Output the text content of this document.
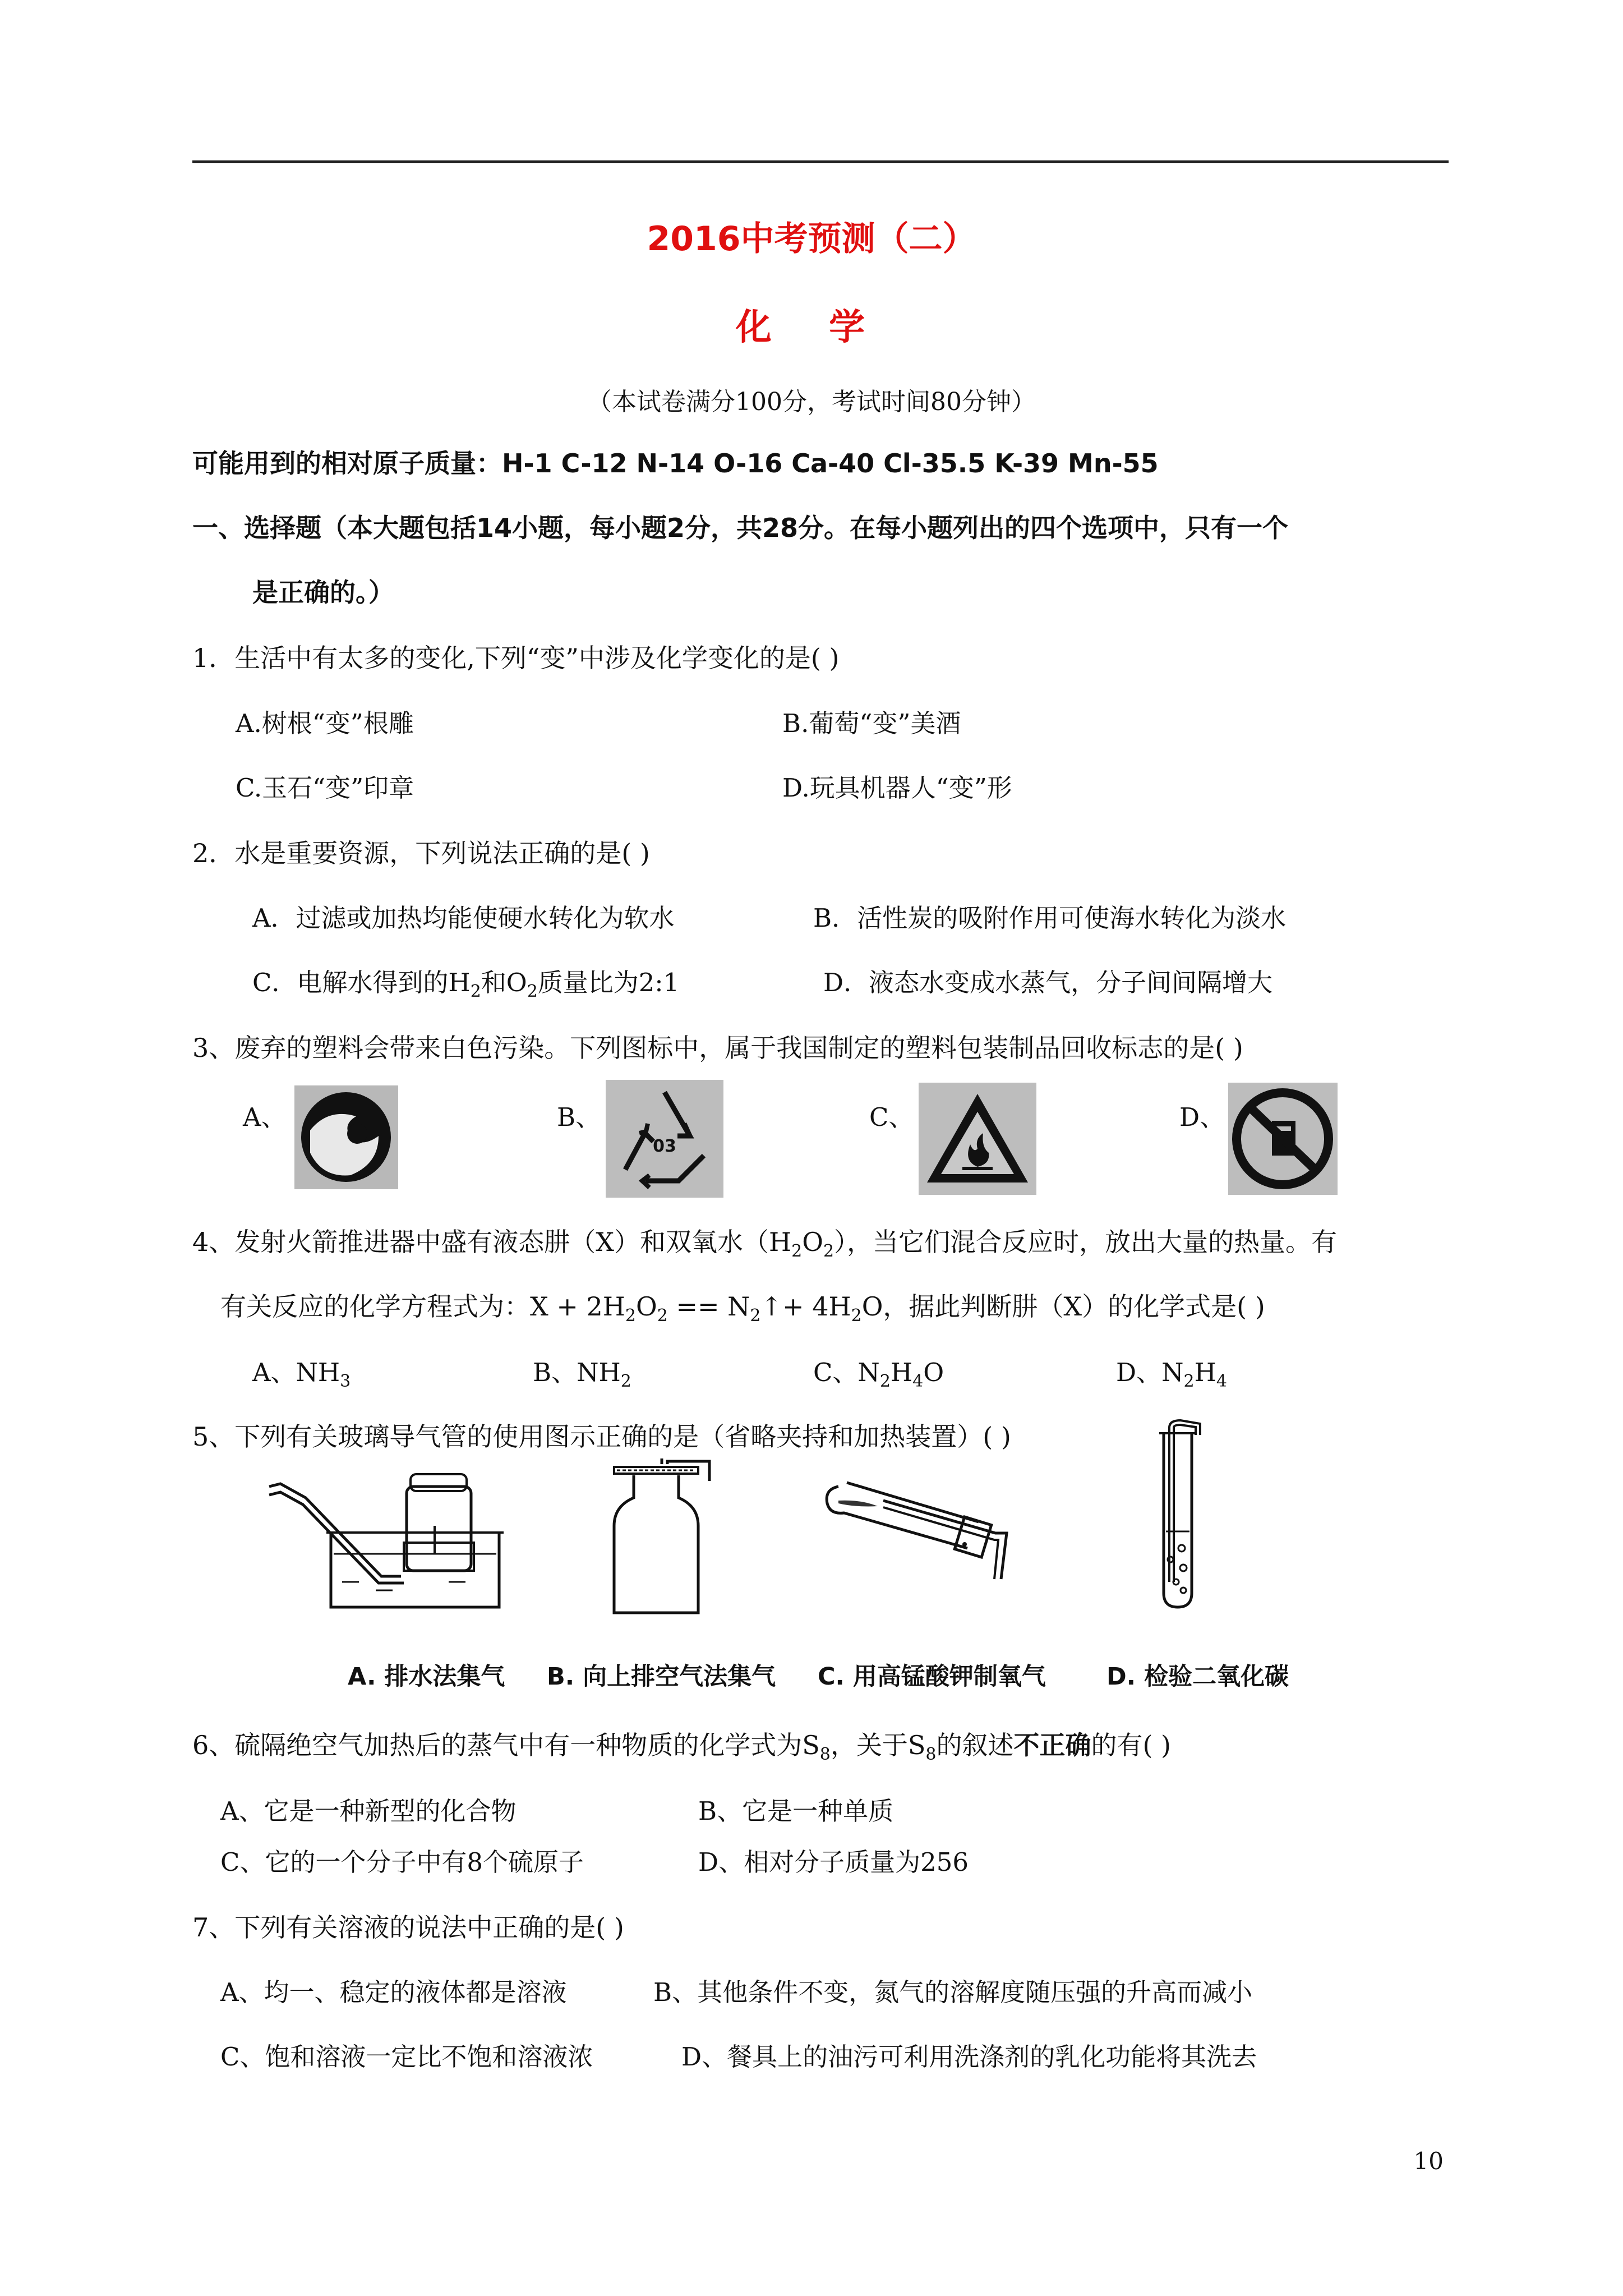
2016中考预测（二）
化 学
（本试卷满分100分，考试时间80分钟）
可能用到的相对原子质量：H-1 C-12 N-14 O-16 Ca-40 Cl-35.5 K-39 Mn-55
一、选择题（本大题包括14小题，每小题2分，共28分。在每小题列出的四个选项中，只有一个
是正确的。）
1．生活中有太多的变化,下列“变”中涉及化学变化的是( )
A.树根“变”根雕	B.葡萄“变”美酒
C.玉石“变”印章	D.玩具机器人“变”形
2．水是重要资源，下列说法正确的是( )
A．过滤或加热均能使硬水转化为软水	B．活性炭的吸附作用可使海水转化为淡水
C．电解水得到的$H_2$和$O_2$质量比为2:1	D．液态水变成水蒸气，分子间间隔增大
3、废弃的塑料会带来白色污染。下列图标中，属于我国制定的塑料包装制品回收标志的是( )
A、	B、	C、	D、
03
4、发射火箭推进器中盛有液态肼（X）和双氧水$(H_2O_2)$，当它们混合反应时，放出大量的热量。有
有关反应的化学方程式为：$X + 2H_2O_2$ == $N_2↑+ 4H_2O$，据此判断肼（X）的化学式是( )
A、$NH_3$	B、$NH_2$	C、$N_2H_4O$	D、$N_2H_4$
5、下列有关玻璃导气管的使用图示正确的是（省略夹持和加热装置）( )
A. 排水法集气 B. 向上排空气法集气 C. 用高锰酸钾制氧气	D. 检验二氧化碳
6、硫隔绝空气加热后的蒸气中有一种物质的化学式为$S_8$，关于$S_8$的叙述不正确的有( )
A、它是一种新型的化合物	B、它是一种单质
C、它的一个分子中有8个硫原子	D、相对分子质量为256
7、下列有关溶液的说法中正确的是( )
A、均一、稳定的液体都是溶液	B、其他条件不变，氮气的溶解度随压强的升高而减小
C、饱和溶液一定比不饱和溶液浓	D、餐具上的油污可利用洗涤剂的乳化功能将其洗去
10
